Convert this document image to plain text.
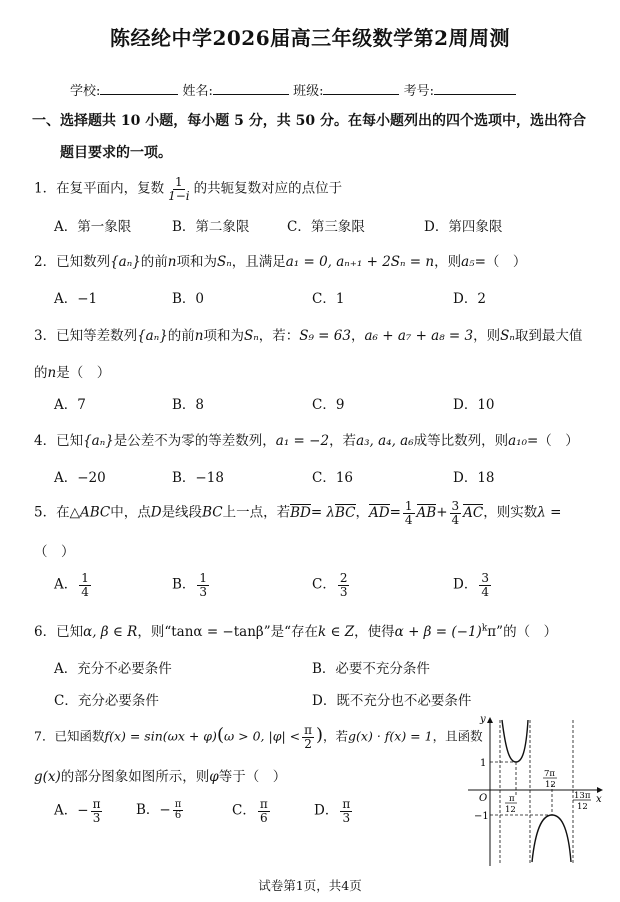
陈经纶中学2026届高三年级数学第2周周测
学校:	姓名:	班级:	考号:
一、选择题共 10 小题，每小题 5 分，共 50 分。在每小题列出的四个选项中，选出符合
题目要求的一项。
1．在复平面内，复数 $\frac{1}{1-i}$ 的共轭复数对应的点位于
A．第一象限	B．第二象限	C．第三象限	D．第四象限
2．已知数列{aₙ}的前n项和为Sₙ，且满足a₁ = 0, aₙ₊₁ + 2Sₙ = n，则a₅=（　）
A．−1	B．0	C．1	D．2
3．已知等差数列{aₙ}的前n项和为Sₙ，若：S₉ = 63，a₆ + a₇ + a₈ = 3，则Sₙ取到最大值
的n是（　）
A．7	B．8	C．9	D．10
4．已知{aₙ}是公差不为零的等差数列，a₁ = −2，若a₃, a₄, a₆成等比数列，则a₁₀=（　）
A．−20	B．−18	C．16	D．18
5．在△ABC中，点D是线段BC上一点，若BD= λBC，$AD= \frac{1}{4} AB+ \frac{3}{4}$ AC，则实数λ =
（　）
A． $\frac{1}{4}$	B． $\frac{1}{3}$	C． $\frac{2}{3}$	D． $\frac{3}{4}$
6．已知α, β ∈ R，则“tanα = −tanβ”是“存在k ∈ Z，使得$\alpha + \beta = (-1)^k\pi$”的（　）
A．充分不必要条件	B．必要不充分条件
C．充分必要条件	D．既不充分也不必要条件
7．已知函数f(x) = sin(ωx + φ)(ω > 0, $|\varphi| < \frac{\pi}{2}$ )，若g(x) · f(x) = 1，且函数
g(x)的部分图象如图所示，则φ等于（　）
A．− $\frac{\pi}{3}$ B．− $\frac{\pi}{6}$	C． $\frac{\pi}{6}$	D． $\frac{\pi}{3}$
y
x
O
1
−1
π
12
7π
12
13π
12
试卷第1页，共4页
